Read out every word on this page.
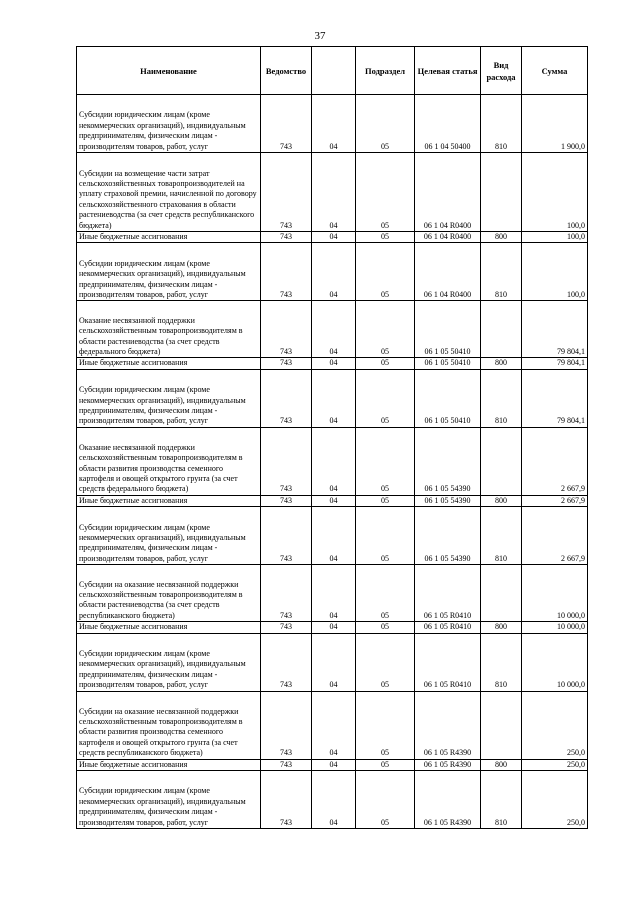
37
Наименование	Ведомство		Подраздел	Целевая статья	Вид расхода	Сумма
Субсидии юридическим лицам (кроме некоммерческих организаций), индивидуальным предпринимателям, физическим лицам - производителям товаров, работ, услуг	743	04	05	06 1 04 50400	810	1 900,0
Субсидии на возмещение части затрат сельскохозяйственных товаропроизводителей на уплату страховой премии, начисленной по договору сельскохозяйственного страхования в области растениеводства (за счет средств республиканского бюджета)	743	04	05	06 1 04 R0400		100,0
Иные бюджетные ассигнования	743	04	05	06 1 04 R0400	800	100,0
Субсидии юридическим лицам (кроме некоммерческих организаций), индивидуальным предпринимателям, физическим лицам - производителям товаров, работ, услуг	743	04	05	06 1 04 R0400	810	100,0
Оказание несвязанной поддержки сельскохозяйственным товаропроизводителям в области растениеводства (за счет средств федерального бюджета)	743	04	05	06 1 05 50410		79 804,1
Иные бюджетные ассигнования	743	04	05	06 1 05 50410	800	79 804,1
Субсидии юридическим лицам (кроме некоммерческих организаций), индивидуальным предпринимателям, физическим лицам - производителям товаров, работ, услуг	743	04	05	06 1 05 50410	810	79 804,1
Оказание несвязанной поддержки сельскохозяйственным товаропроизводителям в области развития производства семенного картофеля и овощей открытого грунта (за счет средств федерального бюджета)	743	04	05	06 1 05 54390		2 667,9
Иные бюджетные ассигнования	743	04	05	06 1 05 54390	800	2 667,9
Субсидии юридическим лицам (кроме некоммерческих организаций), индивидуальным предпринимателям, физическим лицам - производителям товаров, работ, услуг	743	04	05	06 1 05 54390	810	2 667,9
Субсидии на оказание несвязанной поддержки сельскохозяйственным товаропроизводителям в области растениеводства (за счет средств республиканского бюджета)	743	04	05	06 1 05 R0410		10 000,0
Иные бюджетные ассигнования	743	04	05	06 1 05 R0410	800	10 000,0
Субсидии юридическим лицам (кроме некоммерческих организаций), индивидуальным предпринимателям, физическим лицам - производителям товаров, работ, услуг	743	04	05	06 1 05 R0410	810	10 000,0
Субсидии на оказание несвязанной поддержки сельскохозяйственным товаропроизводителям в области развития производства семенного картофеля и овощей открытого грунта (за счет средств республиканского бюджета)	743	04	05	06 1 05 R4390		250,0
Иные бюджетные ассигнования	743	04	05	06 1 05 R4390	800	250,0
Субсидии юридическим лицам (кроме некоммерческих организаций), индивидуальным предпринимателям, физическим лицам - производителям товаров, работ, услуг	743	04	05	06 1 05 R4390	810	250,0
